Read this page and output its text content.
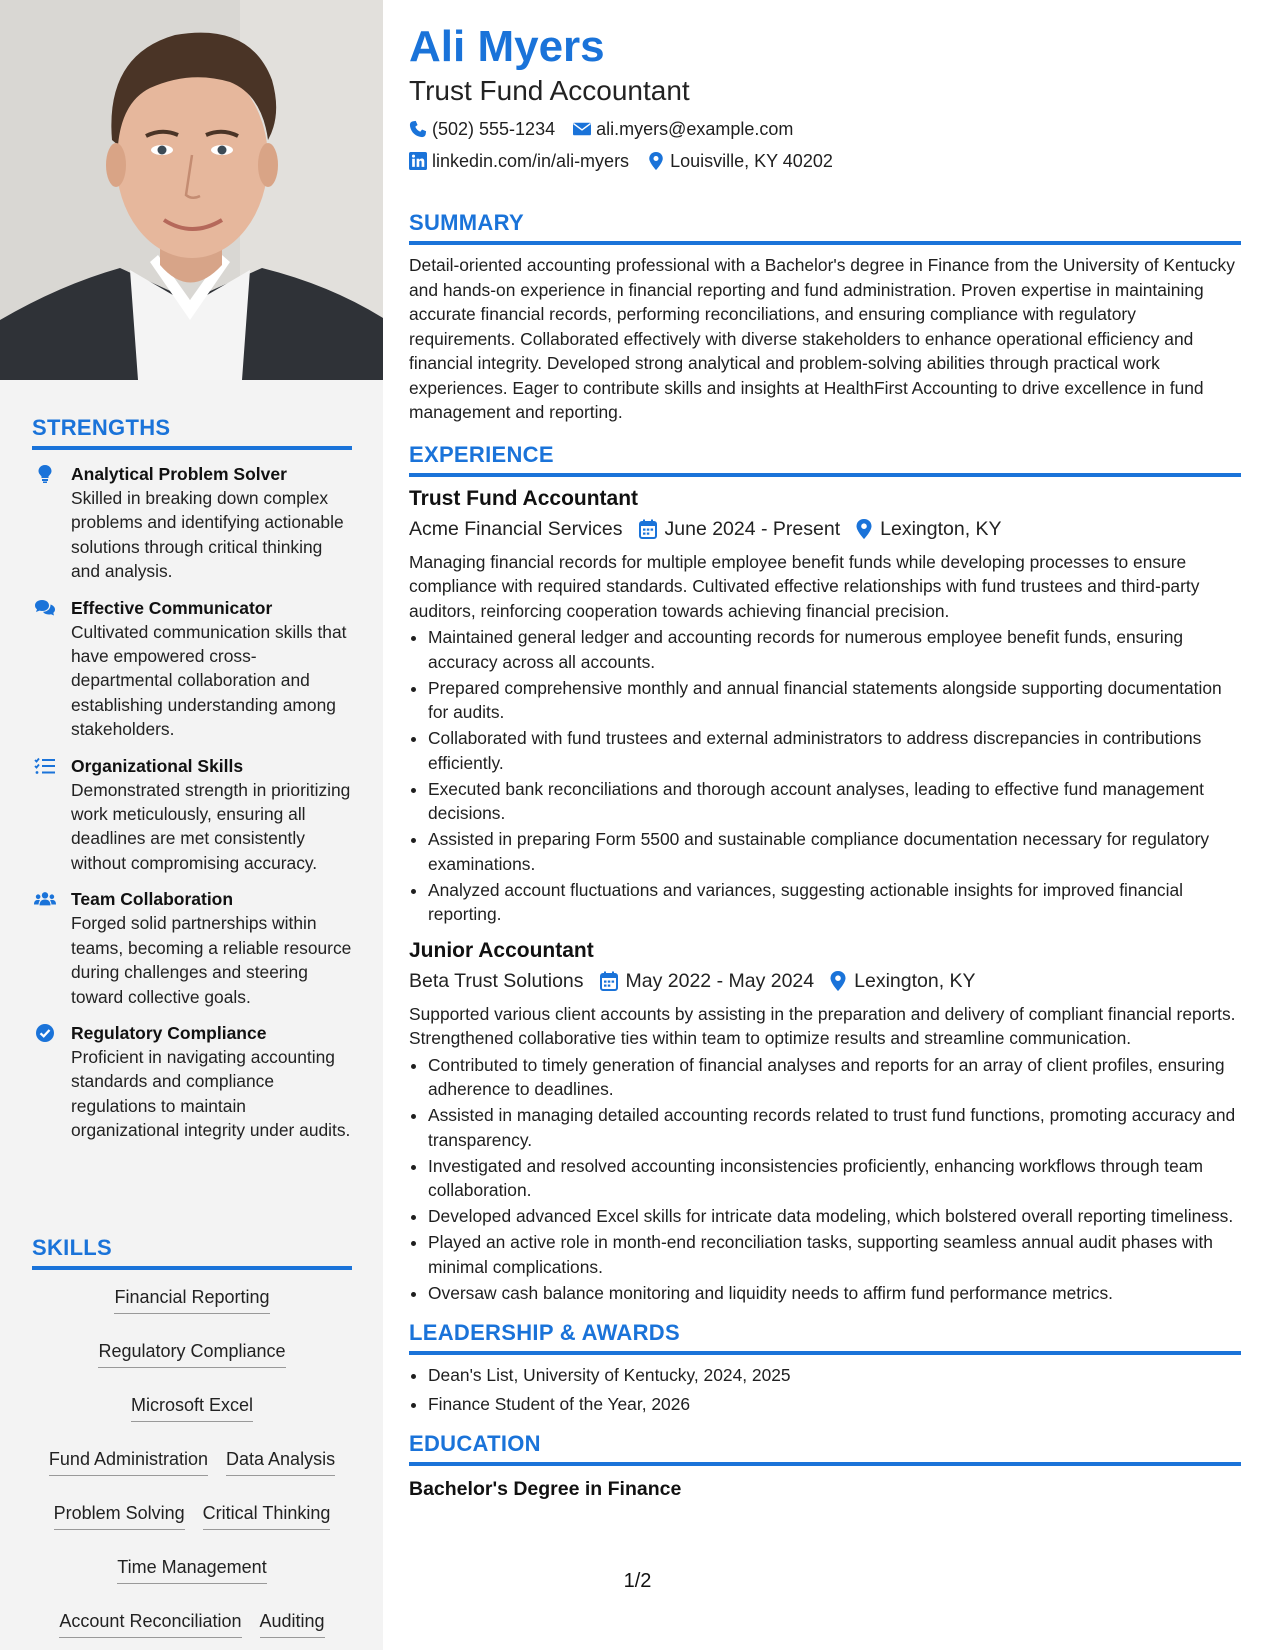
STRENGTHS
Analytical Problem Solver
Skilled in breaking down complex problems and identifying actionable solutions through critical thinking and analysis.
Effective Communicator
Cultivated communication skills that have empowered cross-departmental collaboration and establishing understanding among stakeholders.
Organizational Skills
Demonstrated strength in prioritizing work meticulously, ensuring all deadlines are met consistently without compromising accuracy.
Team Collaboration
Forged solid partnerships within teams, becoming a reliable resource during challenges and steering toward collective goals.
Regulatory Compliance
Proficient in navigating accounting standards and compliance regulations to maintain organizational integrity under audits.
SKILLS
Financial Reporting
Regulatory Compliance
Microsoft Excel
Fund Administration Data Analysis
Problem Solving Critical Thinking
Time Management
Account Reconciliation Auditing
Ali Myers
Trust Fund Accountant
(502) 555-1234 ali.myers@example.com
linkedin.com/in/ali-myers Louisville, KY 40202
SUMMARY
Detail-oriented accounting professional with a Bachelor's degree in Finance from the University of Kentucky and hands-on experience in financial reporting and fund administration. Proven expertise in maintaining accurate financial records, performing reconciliations, and ensuring compliance with regulatory requirements. Collaborated effectively with diverse stakeholders to enhance operational efficiency and financial integrity. Developed strong analytical and problem-solving abilities through practical work experiences. Eager to contribute skills and insights at HealthFirst Accounting to drive excellence in fund management and reporting.
EXPERIENCE
Trust Fund Accountant
Acme Financial Services June 2024 - Present Lexington, KY
Managing financial records for multiple employee benefit funds while developing processes to ensure compliance with required standards. Cultivated effective relationships with fund trustees and third-party auditors, reinforcing cooperation towards achieving financial precision.
• Maintained general ledger and accounting records for numerous employee benefit funds, ensuring accuracy across all accounts.
• Prepared comprehensive monthly and annual financial statements alongside supporting documentation for audits.
• Collaborated with fund trustees and external administrators to address discrepancies in contributions efficiently.
• Executed bank reconciliations and thorough account analyses, leading to effective fund management decisions.
• Assisted in preparing Form 5500 and sustainable compliance documentation necessary for regulatory examinations.
• Analyzed account fluctuations and variances, suggesting actionable insights for improved financial reporting.
Junior Accountant
Beta Trust Solutions May 2022 - May 2024 Lexington, KY
Supported various client accounts by assisting in the preparation and delivery of compliant financial reports. Strengthened collaborative ties within team to optimize results and streamline communication.
• Contributed to timely generation of financial analyses and reports for an array of client profiles, ensuring adherence to deadlines.
• Assisted in managing detailed accounting records related to trust fund functions, promoting accuracy and transparency.
• Investigated and resolved accounting inconsistencies proficiently, enhancing workflows through team collaboration.
• Developed advanced Excel skills for intricate data modeling, which bolstered overall reporting timeliness.
• Played an active role in month-end reconciliation tasks, supporting seamless annual audit phases with minimal complications.
• Oversaw cash balance monitoring and liquidity needs to affirm fund performance metrics.
LEADERSHIP & AWARDS
• Dean's List, University of Kentucky, 2024, 2025
• Finance Student of the Year, 2026
EDUCATION
Bachelor's Degree in Finance
1/2
